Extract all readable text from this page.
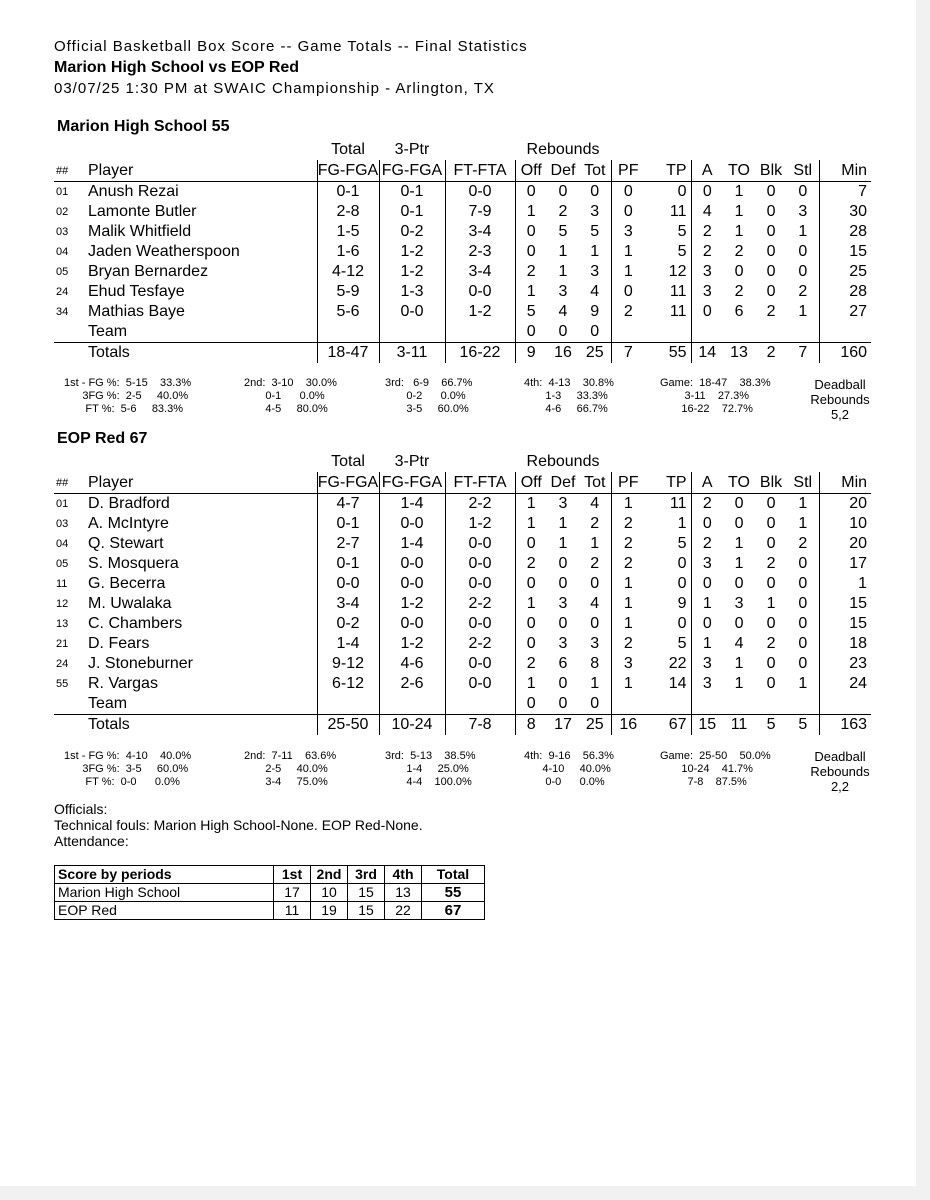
Official Basketball Box Score -- Game Totals -- Final Statistics
Marion High School vs EOP Red
03/07/25 1:30 PM at SWAIC Championship - Arlington, TX
Marion High School 55
		Total	3-Ptr		Rebounds									
##	Player	FG-FGA	FG-FGA	FT-FTA	Off	Def	Tot	PF	TP	A	TO	Blk	Stl	Min
01	Anush Rezai	0-1	0-1	0-0	0	0	0	0	0	0	1	0	0	7
02	Lamonte Butler	2-8	0-1	7-9	1	2	3	0	11	4	1	0	3	30
03	Malik Whitfield	1-5	0-2	3-4	0	5	5	3	5	2	1	0	1	28
04	Jaden Weatherspoon	1-6	1-2	2-3	0	1	1	1	5	2	2	0	0	15
05	Bryan Bernardez	4-12	1-2	3-4	2	1	3	1	12	3	0	0	0	25
24	Ehud Tesfaye	5-9	1-3	0-0	1	3	4	0	11	3	2	0	2	28
34	Mathias Baye	5-6	0-0	1-2	5	4	9	2	11	0	6	2	1	27
	Team				0	0	0							
	Totals	18-47	3-11	16-22	9	16	25	7	55	14	13	2	7	160
1st - FG %:  5-15    33.3%
3FG %:  2-5     40.0%
FT %:  5-6     83.3%
2nd:  3-10    30.0%
0-1      0.0%
4-5     80.0%
3rd:   6-9    66.7%
0-2      0.0%
3-5     60.0%
4th:  4-13    30.8%
1-3     33.3%
4-6     66.7%
Game:  18-47    38.3%
3-11    27.3%
16-22    72.7%
Deadball
Rebounds
5,2
EOP Red 67
		Total	3-Ptr		Rebounds									
##	Player	FG-FGA	FG-FGA	FT-FTA	Off	Def	Tot	PF	TP	A	TO	Blk	Stl	Min
01	D. Bradford	4-7	1-4	2-2	1	3	4	1	11	2	0	0	1	20
03	A. McIntyre	0-1	0-0	1-2	1	1	2	2	1	0	0	0	1	10
04	Q. Stewart	2-7	1-4	0-0	0	1	1	2	5	2	1	0	2	20
05	S. Mosquera	0-1	0-0	0-0	2	0	2	2	0	3	1	2	0	17
11	G. Becerra	0-0	0-0	0-0	0	0	0	1	0	0	0	0	0	1
12	M. Uwalaka	3-4	1-2	2-2	1	3	4	1	9	1	3	1	0	15
13	C. Chambers	0-2	0-0	0-0	0	0	0	1	0	0	0	0	0	15
21	D. Fears	1-4	1-2	2-2	0	3	3	2	5	1	4	2	0	18
24	J. Stoneburner	9-12	4-6	0-0	2	6	8	3	22	3	1	0	0	23
55	R. Vargas	6-12	2-6	0-0	1	0	1	1	14	3	1	0	1	24
	Team				0	0	0							
	Totals	25-50	10-24	7-8	8	17	25	16	67	15	11	5	5	163
1st - FG %:  4-10    40.0%
3FG %:  3-5     60.0%
FT %:  0-0      0.0%
2nd:  7-11    63.6%
2-5     40.0%
3-4     75.0%
3rd:  5-13    38.5%
1-4     25.0%
4-4    100.0%
4th:  9-16    56.3%
4-10     40.0%
0-0      0.0%
Game:  25-50    50.0%
10-24    41.7%
7-8    87.5%
Deadball
Rebounds
2,2
Officials:
Technical fouls: Marion High School-None. EOP Red-None.
Attendance:
Score by periods	1st	2nd	3rd	4th	Total
Marion High School	17	10	15	13	55
EOP Red	11	19	15	22	67
